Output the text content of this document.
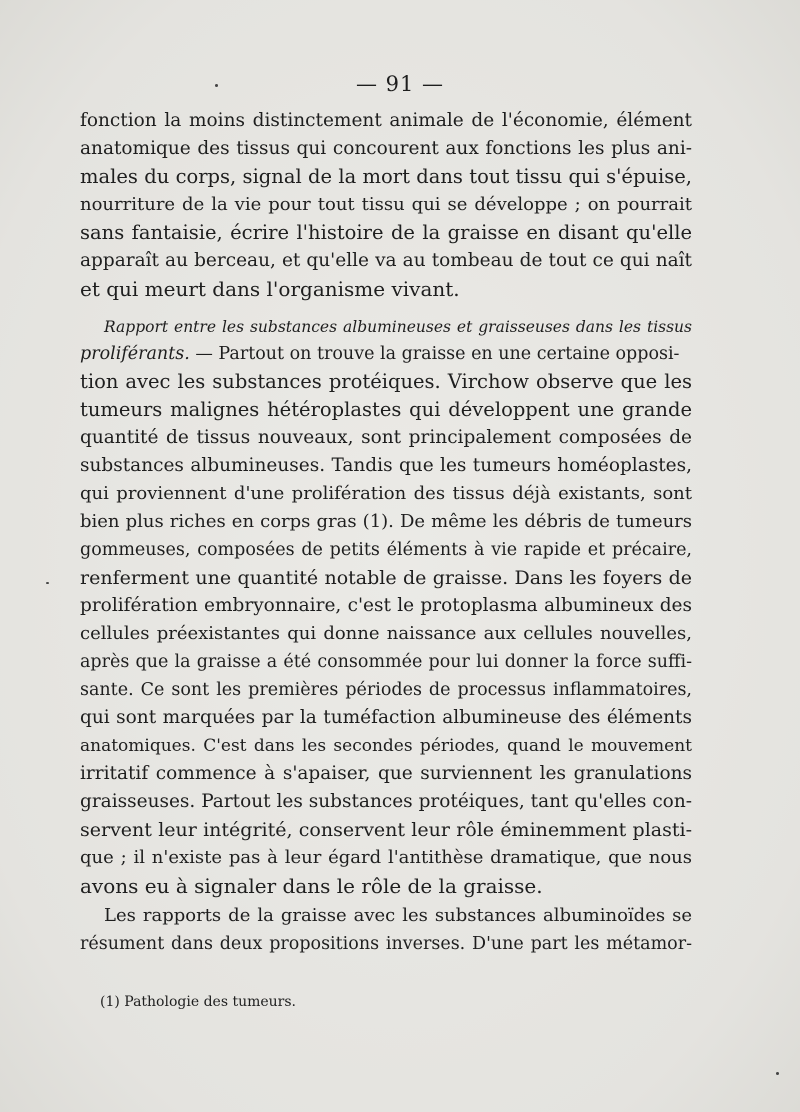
— 91 —
fonction la moins distinctement animale de l'économie, élément
anatomique des tissus qui concourent aux fonctions les plus ani-
males du corps, signal de la mort dans tout tissu qui s'épuise,
nourriture de la vie pour tout tissu qui se développe ; on pourrait
sans fantaisie, écrire l'histoire de la graisse en disant qu'elle
apparaît au berceau, et qu'elle va au tombeau de tout ce qui naît
et qui meurt dans l'organisme vivant.
Rapport entre les substances albumineuses et graisseuses dans les tissus
proliférants. — Partout on trouve la graisse en une certaine opposi-
tion avec les substances protéiques. Virchow observe que les
tumeurs malignes hétéroplastes qui développent une grande
quantité de tissus nouveaux, sont principalement composées de
substances albumineuses. Tandis que les tumeurs homéoplastes,
qui proviennent d'une prolifération des tissus déjà existants, sont
bien plus riches en corps gras (1). De même les débris de tumeurs
gommeuses, composées de petits éléments à vie rapide et précaire,
renferment une quantité notable de graisse. Dans les foyers de
prolifération embryonnaire, c'est le protoplasma albumineux des
cellules préexistantes qui donne naissance aux cellules nouvelles,
après que la graisse a été consommée pour lui donner la force suffi-
sante. Ce sont les premières périodes de processus inflammatoires,
qui sont marquées par la tuméfaction albumineuse des éléments
anatomiques. C'est dans les secondes périodes, quand le mouvement
irritatif commence à s'apaiser, que surviennent les granulations
graisseuses. Partout les substances protéiques, tant qu'elles con-
servent leur intégrité, conservent leur rôle éminemment plasti-
que ; il n'existe pas à leur égard l'antithèse dramatique, que nous
avons eu à signaler dans le rôle de la graisse.
Les rapports de la graisse avec les substances albuminoïdes se
résument dans deux propositions inverses. D'une part les métamor-
(1) Pathologie des tumeurs.
